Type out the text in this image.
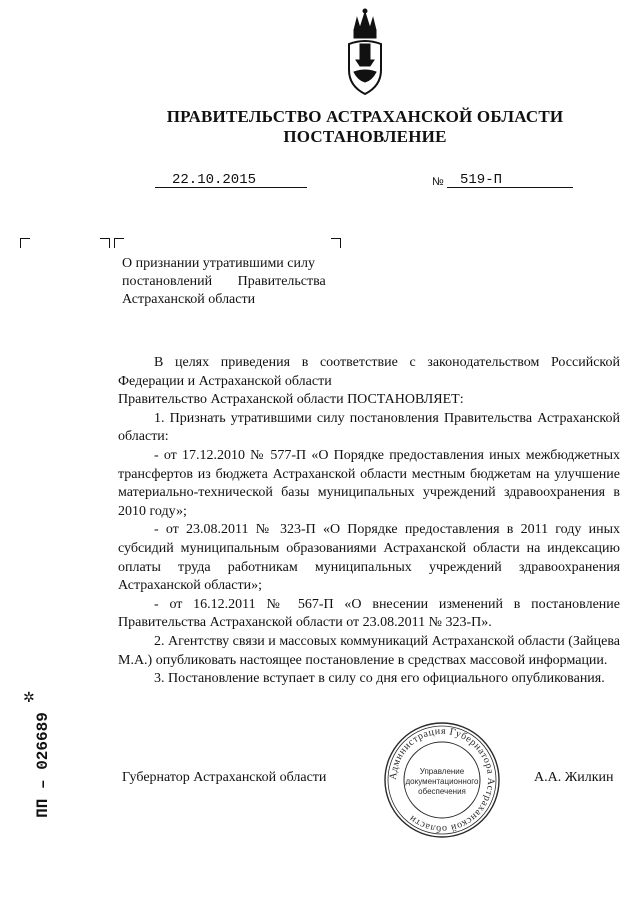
ПРАВИТЕЛЬСТВО АСТРАХАНСКОЙ ОБЛАСТИ
ПОСТАНОВЛЕНИЕ
22.10.2015	№ 519-П

О признании утратившими силу

постановлений Правительства

Астраханской области

В целях приведения в соответствие с законодательством Российской Федерации и Астраханской области

Правительство Астраханской области ПОСТАНОВЛЯЕТ:

1. Признать утратившими силу постановления Правительства Астраханской области:

- от 17.12.2010 № 577-П «О Порядке предоставления иных межбюджетных трансфертов из бюджета Астраханской области местным бюджетам на улучшение материально-технической базы муниципальных учреждений здравоохранения в 2010 году»;

- от 23.08.2011 № 323-П «О Порядке предоставления в 2011 году иных субсидий муниципальным образованиями Астраханской области на индексацию оплаты труда работникам муниципальных учреждений здравоохранения Астраханской области»;

- от 16.12.2011 № 567-П «О внесении изменений в постановление Правительства Астраханской области от 23.08.2011 № 323-П».

2. Агентству связи и массовых коммуникаций Астраханской области (Зайцева М.А.) опубликовать настоящее постановление в средствах массовой информации.

3. Постановление вступает в силу со дня его официального опубликования.

Губернатор Астраханской области	Администрация Губернатора Астраханской области
Управление
документационного
обеспечения
А.А. Жилкин
✲
ПП – 026689
